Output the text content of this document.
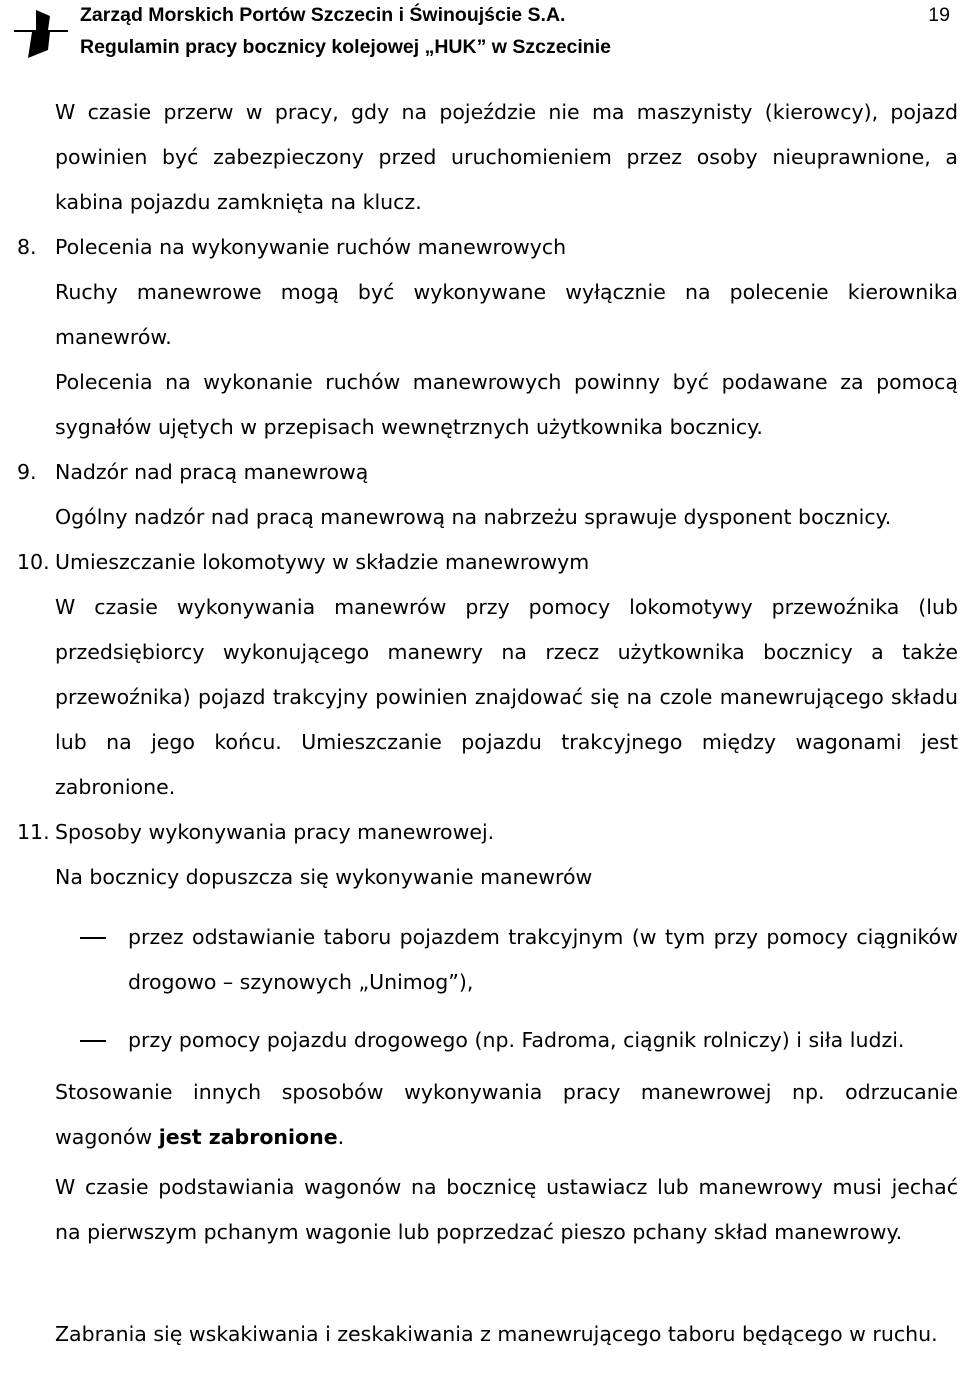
Zarząd Morskich Portów Szczecin i Świnoujście S.A.
Regulamin pracy bocznicy kolejowej „HUK” w Szczecinie
19
W czasie przerw w pracy, gdy na pojeździe nie ma maszynisty (kierowcy), pojazd powinien być zabezpieczony przed uruchomieniem przez osoby nieuprawnione, a kabina pojazdu zamknięta na klucz.
8. Polecenia na wykonywanie ruchów manewrowych
Ruchy manewrowe mogą być wykonywane wyłącznie na polecenie kierownika manewrów.
Polecenia na wykonanie ruchów manewrowych powinny być podawane za pomocą sygnałów ujętych w przepisach wewnętrznych użytkownika bocznicy.
9. Nadzór nad pracą manewrową
Ogólny nadzór nad pracą manewrową na nabrzeżu sprawuje dysponent bocznicy.
10. Umieszczanie lokomotywy w składzie manewrowym
W czasie wykonywania manewrów przy pomocy lokomotywy przewoźnika (lub przedsiębiorcy wykonującego manewry na rzecz użytkownika bocznicy a także przewoźnika) pojazd trakcyjny powinien znajdować się na czole manewrującego składu lub na jego końcu. Umieszczanie pojazdu trakcyjnego między wagonami jest zabronione.
11. Sposoby wykonywania pracy manewrowej.
Na bocznicy dopuszcza się wykonywanie manewrów
przez odstawianie taboru pojazdem trakcyjnym (w tym przy pomocy ciągników drogowo – szynowych „Unimog”),
przy pomocy pojazdu drogowego (np. Fadroma, ciągnik rolniczy) i siła ludzi.
Stosowanie innych sposobów wykonywania pracy manewrowej np. odrzucanie wagonów jest zabronione.
W czasie podstawiania wagonów na bocznicę ustawiacz lub manewrowy musi jechać na pierwszym pchanym wagonie lub poprzedzać pieszo pchany skład manewrowy.
Zabrania się wskakiwania i zeskakiwania z manewrującego taboru będącego w ruchu.
